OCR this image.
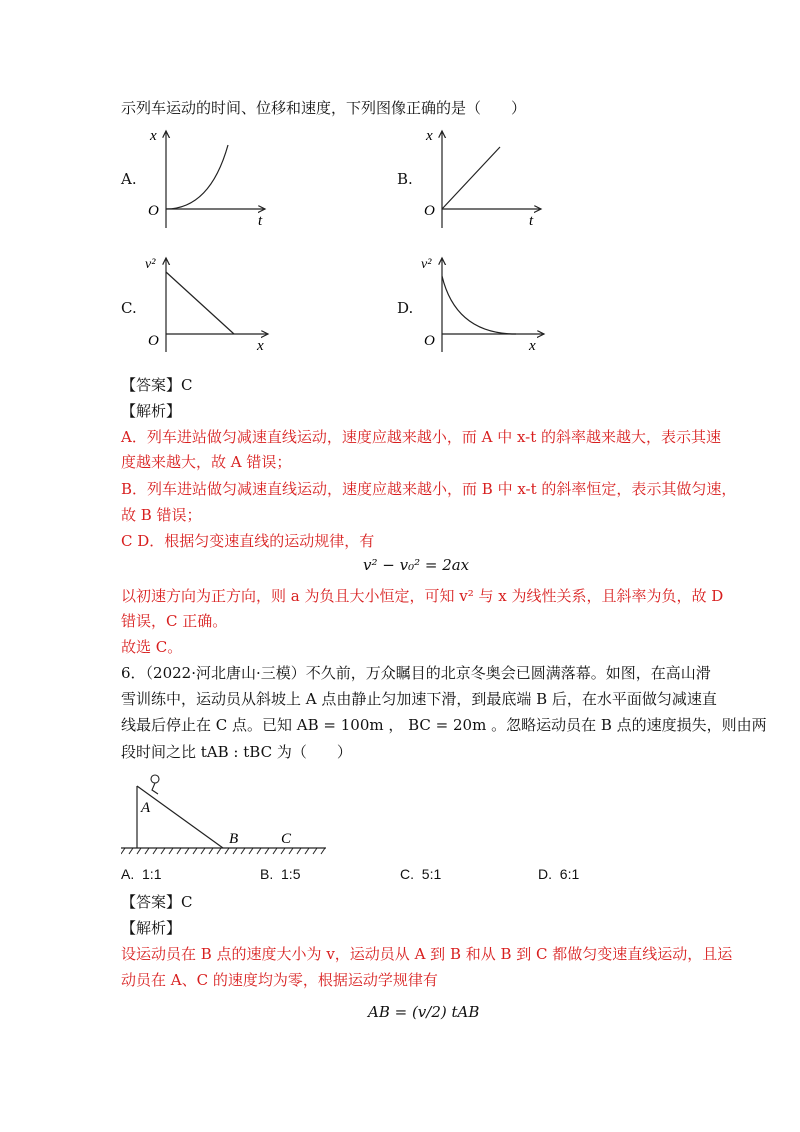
示列车运动的时间、位移和速度，下列图像正确的是（　　）
A.
x
t
O
B.
x
t
O
C.
v²
x
O
D.
v²
x
O
【答案】C
【解析】
A．列车进站做匀减速直线运动，速度应越来越小，而 A 中 x-t 的斜率越来越大，表示其速
度越来越大，故 A 错误；
B．列车进站做匀减速直线运动，速度应越来越小，而 B 中 x-t 的斜率恒定，表示其做匀速，
故 B 错误；
C D．根据匀变速直线的运动规律，有
v² − v₀² = 2ax
以初速方向为正方向，则 a 为负且大小恒定，可知 v² 与 x 为线性关系，且斜率为负，故 D
错误，C 正确。
故选 C。
6．（2022·河北唐山·三模）不久前，万众瞩目的北京冬奥会已圆满落幕。如图，在高山滑
雪训练中，运动员从斜坡上 A 点由静止匀加速下滑，到最底端 B 后，在水平面做匀减速直
线最后停止在 C 点。已知 AB = 100m ， BC = 20m 。忽略运动员在 B 点的速度损失，则由两
段时间之比 tAB : tBC 为（　　）
A
B	C
A. 1:1	B. 1:5	C. 5:1	D. 6:1
【答案】C
【解析】
设运动员在 B 点的速度大小为 v，运动员从 A 到 B 和从 B 到 C 都做匀变速直线运动，且运
动员在 A、C 的速度均为零，根据运动学规律有
AB = (v/2) tAB
